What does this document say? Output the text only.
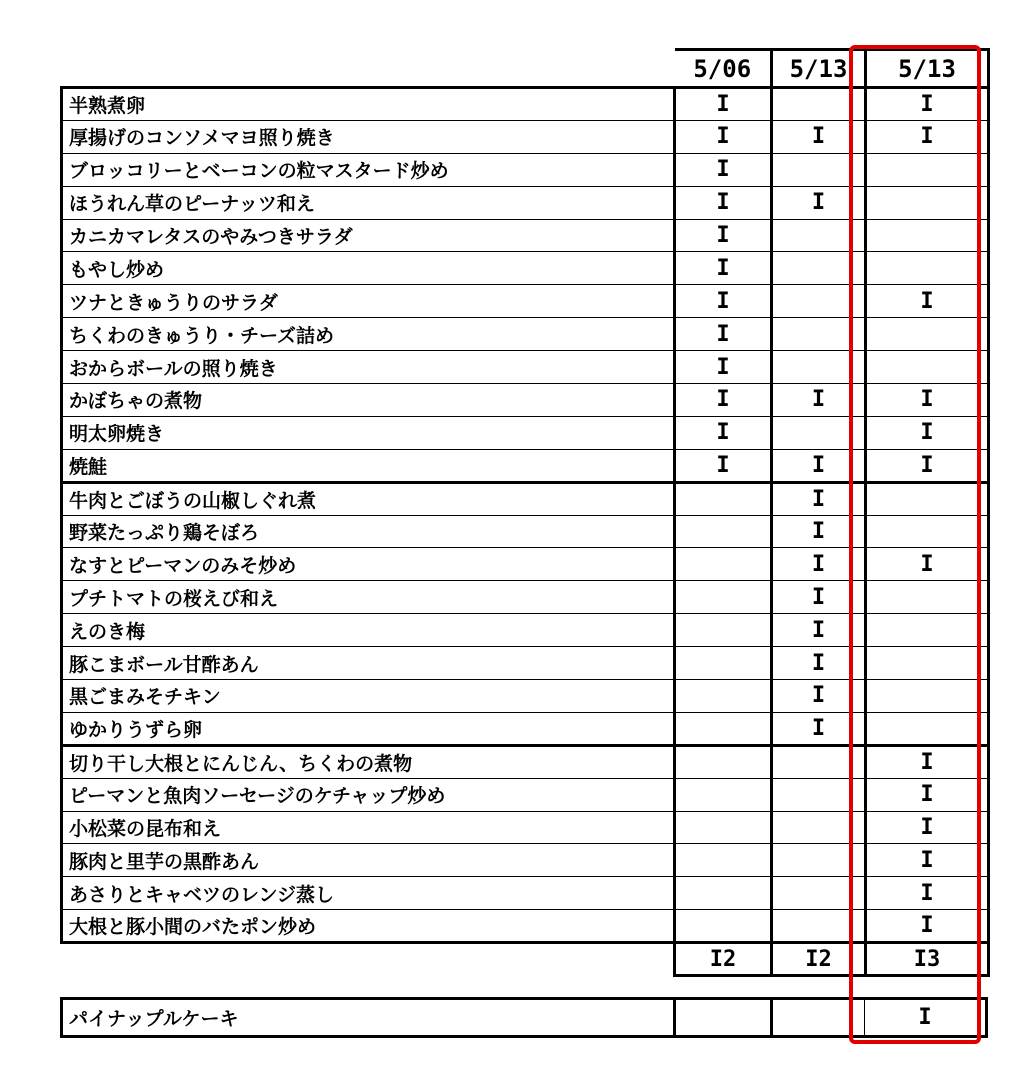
	5/06	5/13	5/13
半熟煮卵	I		I
厚揚げのコンソメマヨ照り焼き	I	I	I
ブロッコリーとベーコンの粒マスタード炒め	I		
ほうれん草のピーナッツ和え	I	I	
カニカマレタスのやみつきサラダ	I		
もやし炒め	I		
ツナときゅうりのサラダ	I		I
ちくわのきゅうり・チーズ詰め	I		
おからボールの照り焼き	I		
かぼちゃの煮物	I	I	I
明太卵焼き	I		I
焼鮭	I	I	I
牛肉とごぼうの山椒しぐれ煮		I	
野菜たっぷり鶏そぼろ		I	
なすとピーマンのみそ炒め		I	I
プチトマトの桜えび和え		I	
えのき梅		I	
豚こまボール甘酢あん		I	
黒ごまみそチキン		I	
ゆかりうずら卵		I	
切り干し大根とにんじん、ちくわの煮物			I
ピーマンと魚肉ソーセージのケチャップ炒め			I
小松菜の昆布和え			I
豚肉と里芋の黒酢あん			I
あさりとキャベツのレンジ蒸し			I
大根と豚小間のバたポン炒め			I
	I2	I2	I3
パイナップルケーキ			I
